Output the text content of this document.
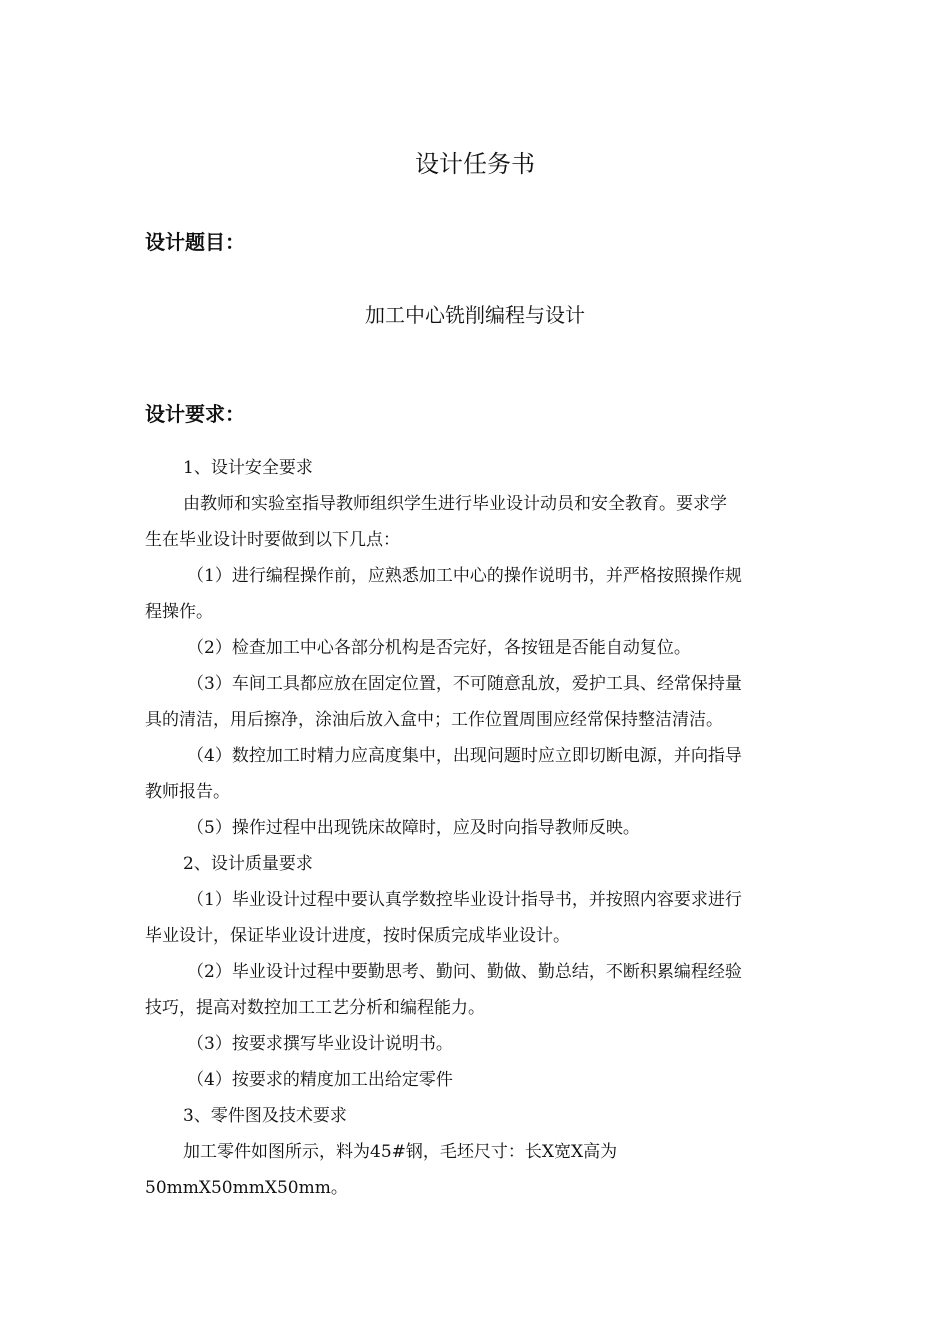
设计任务书
设计题目：
加工中心铣削编程与设计
设计要求：

1、设计安全要求

由教师和实验室指导教师组织学生进行毕业设计动员和安全教育。要求学

生在毕业设计时要做到以下几点：

（1）进行编程操作前，应熟悉加工中心的操作说明书，并严格按照操作规

程操作。

（2）检查加工中心各部分机构是否完好，各按钮是否能自动复位。

（3）车间工具都应放在固定位置，不可随意乱放，爱护工具、经常保持量

具的清洁，用后擦净，涂油后放入盒中；工作位置周围应经常保持整洁清洁。

（4）数控加工时精力应高度集中，出现问题时应立即切断电源，并向指导

教师报告。

（5）操作过程中出现铣床故障时，应及时向指导教师反映。

2、设计质量要求

（1）毕业设计过程中要认真学数控毕业设计指导书，并按照内容要求进行

毕业设计，保证毕业设计进度，按时保质完成毕业设计。

（2）毕业设计过程中要勤思考、勤问、勤做、勤总结，不断积累编程经验

技巧，提高对数控加工工艺分析和编程能力。

（3）按要求撰写毕业设计说明书。

（4）按要求的精度加工出给定零件

3、零件图及技术要求

加工零件如图所示，料为45#钢，毛坯尺寸：长X宽X高为

50mmX50mmX50mm。
